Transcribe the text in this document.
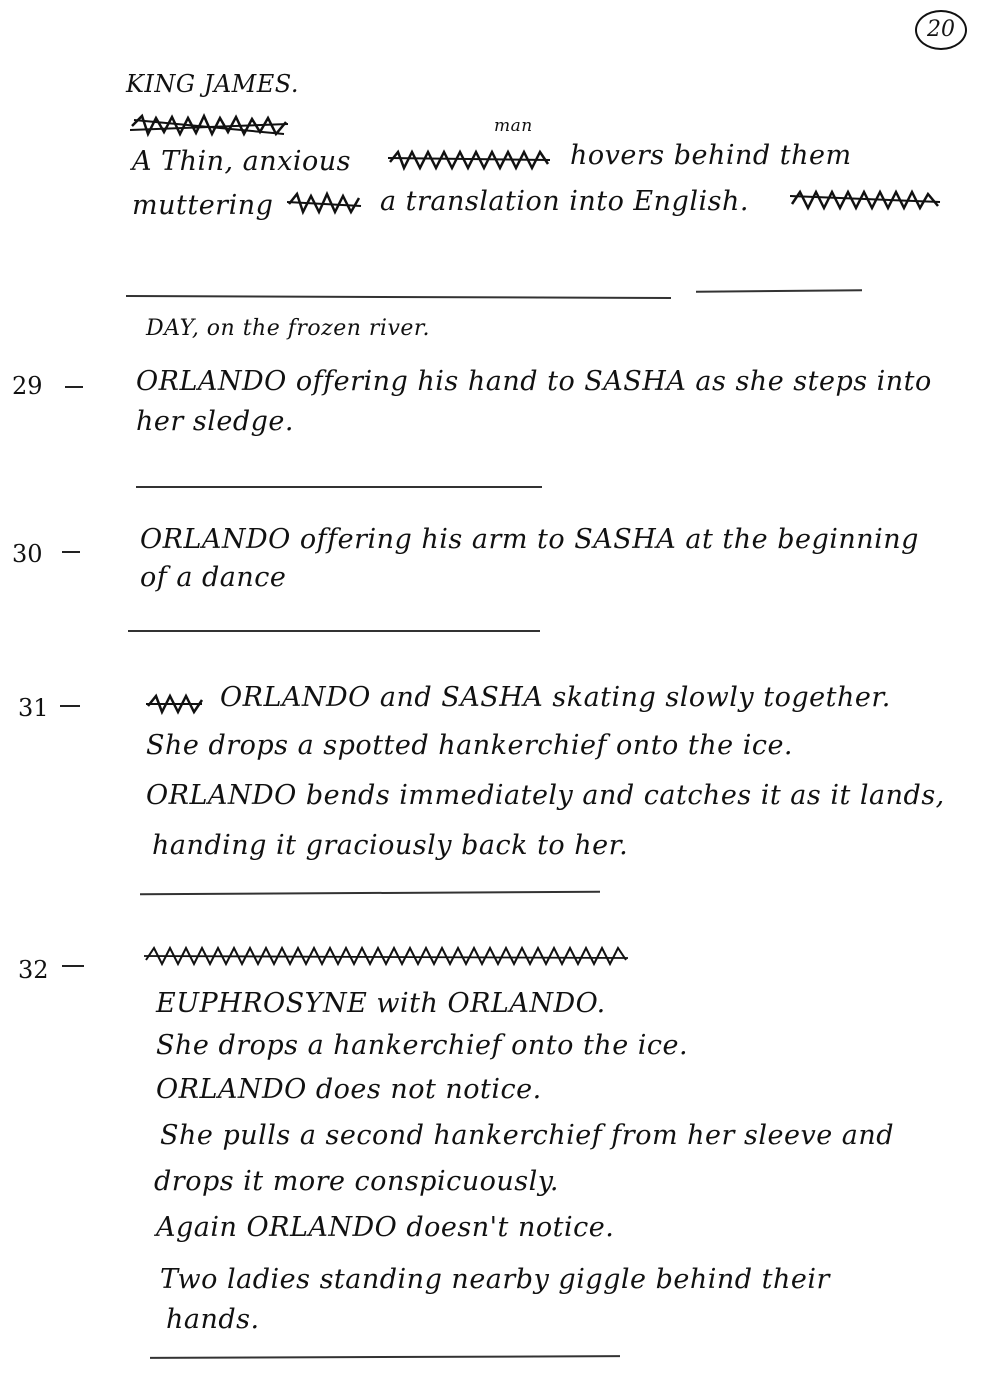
20
KING JAMES.
man
A Thin, anxious	hovers behind them
muttering	a translation into English.
DAY, on the frozen river.
29	ORLANDO offering his hand to SASHA as she steps into
her sledge.
30	ORLANDO offering his arm to SASHA at the beginning
of a dance
31	ORLANDO and SASHA skating slowly together.
She drops a spotted hankerchief onto the ice.
ORLANDO bends immediately and catches it as it lands,
handing it graciously back to her.
32
EUPHROSYNE with ORLANDO.
She drops a hankerchief onto the ice.
ORLANDO does not notice.
She pulls a second hankerchief from her sleeve and
drops it more conspicuously.
Again ORLANDO doesn't notice.
Two ladies standing nearby giggle behind their
hands.
